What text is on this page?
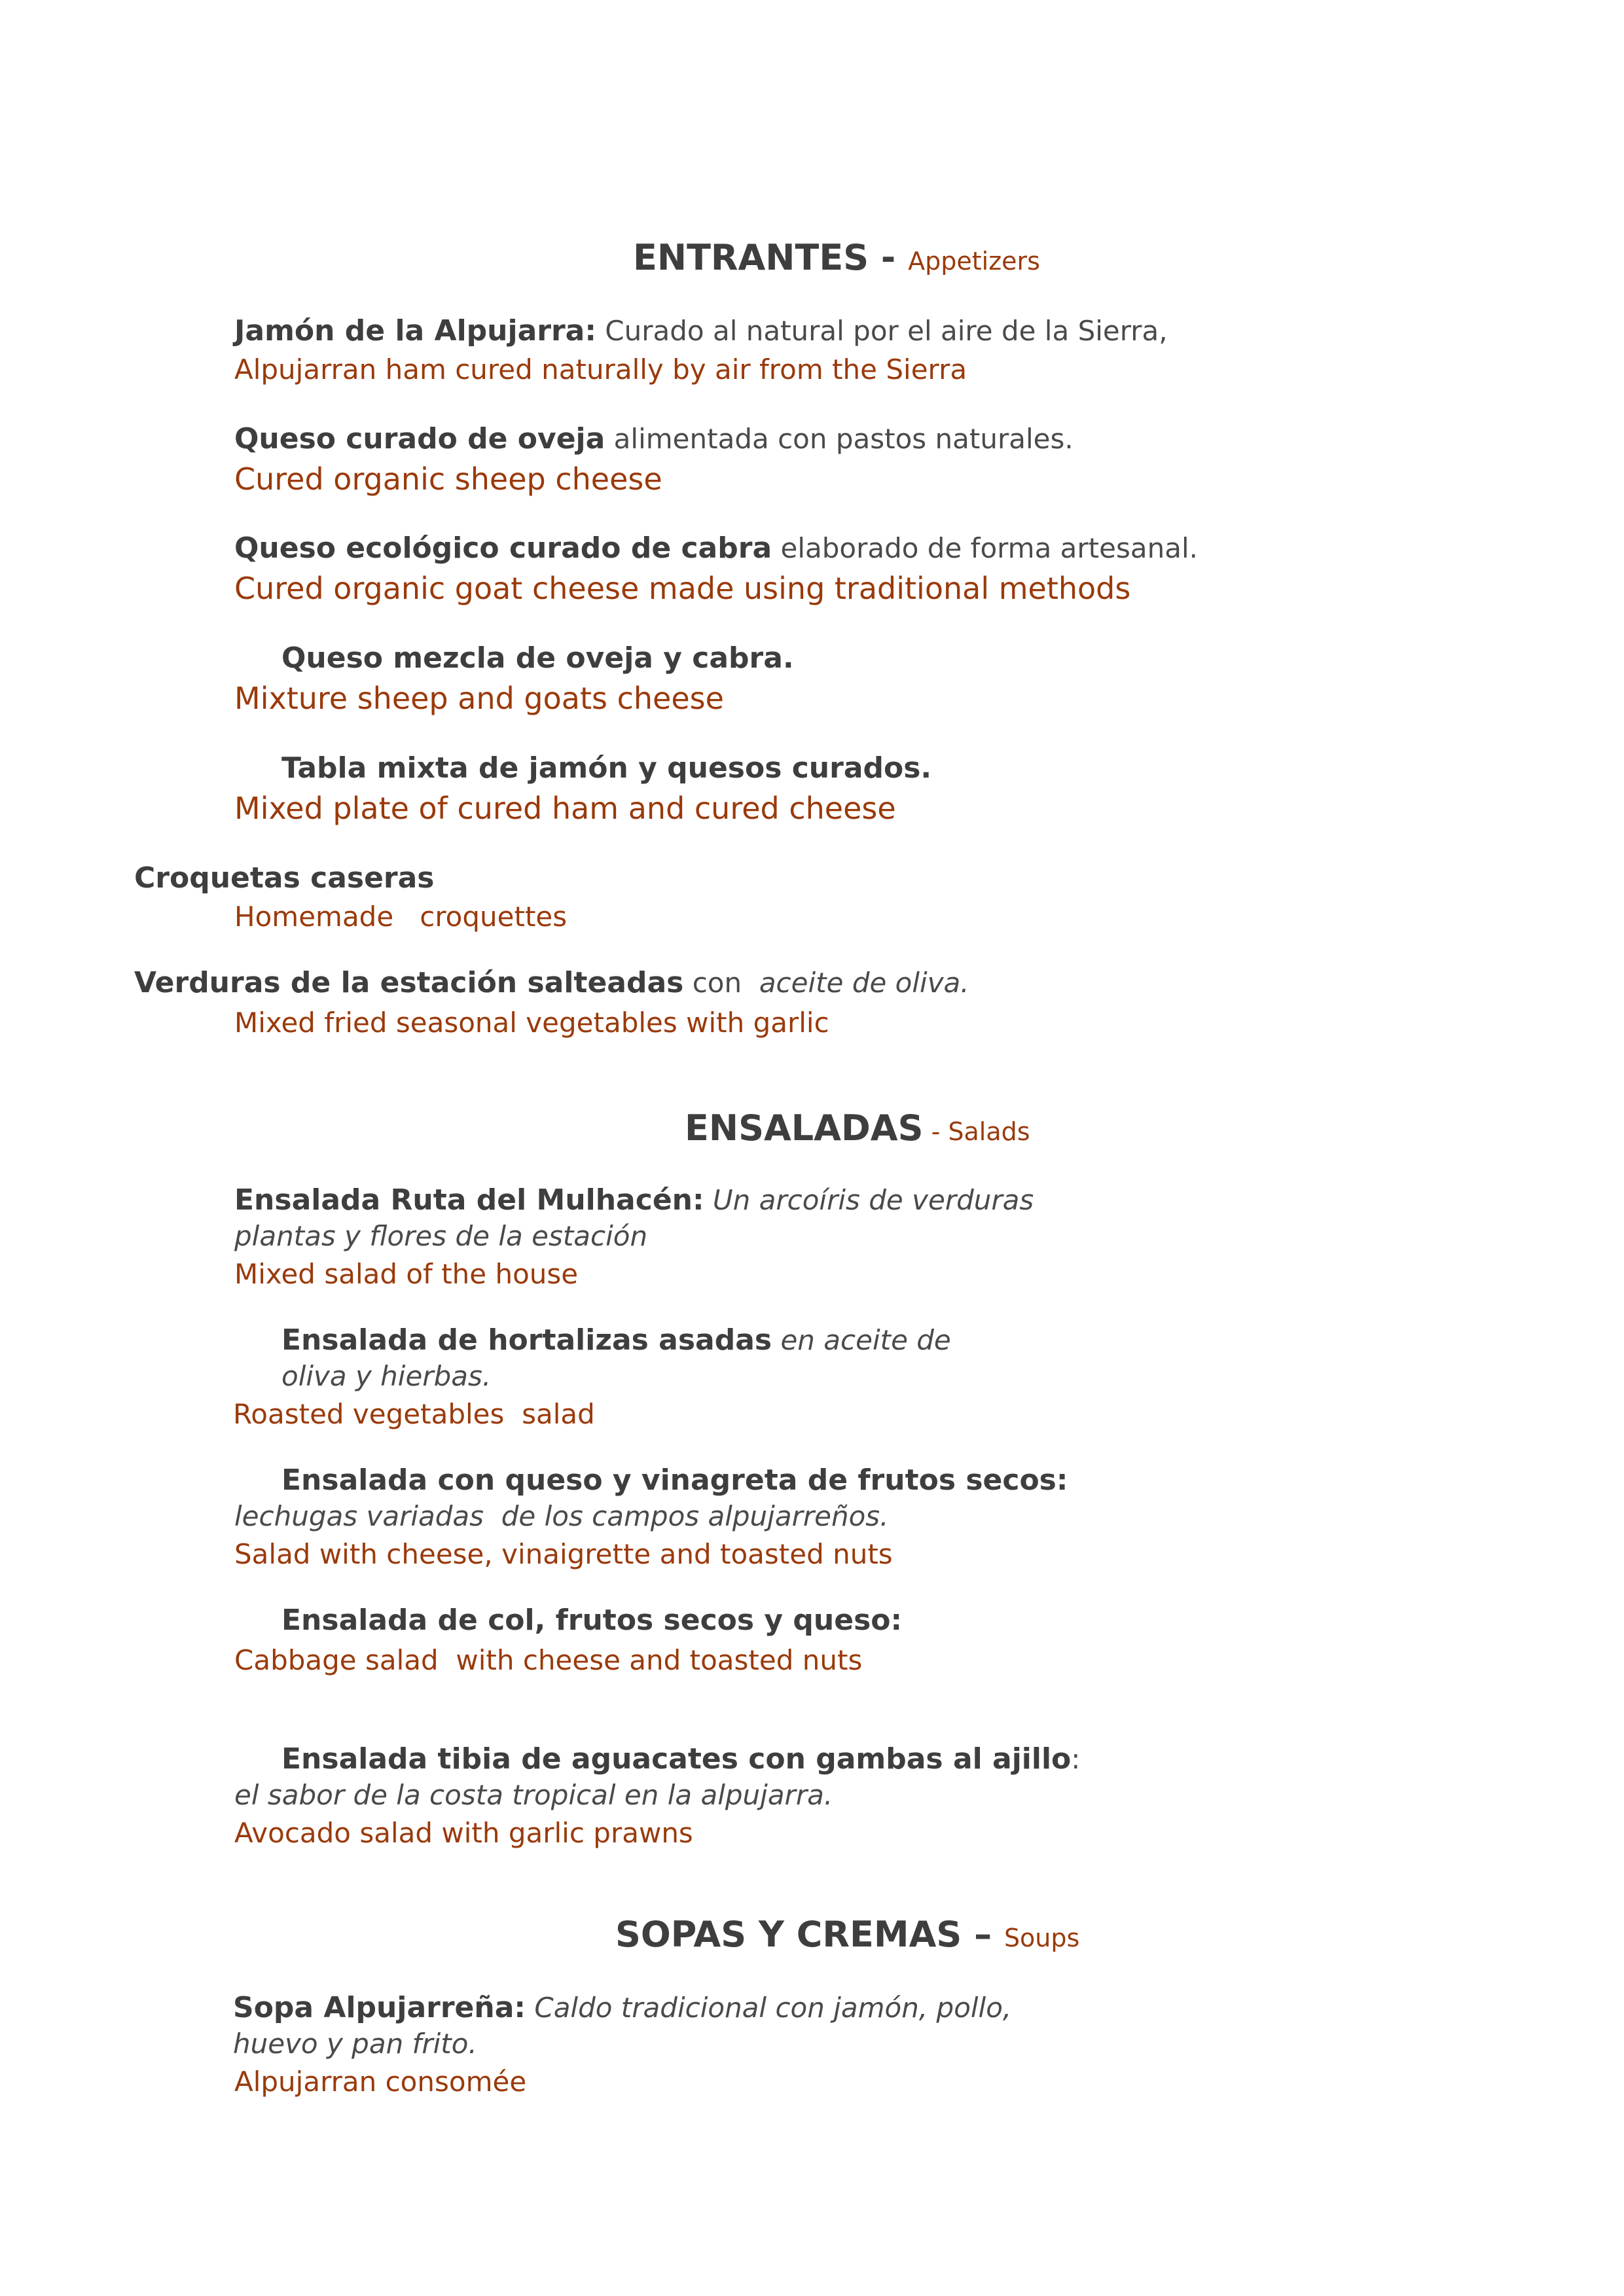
ENTRANTES - Appetizers
Jamón de la Alpujarra: Curado al natural por el aire de la Sierra,
Alpujarran ham cured naturally by air from the Sierra
Queso curado de oveja alimentada con pastos naturales.
Cured organic sheep cheese
Queso ecológico curado de cabra elaborado de forma artesanal.
Cured organic goat cheese made using traditional methods
Queso mezcla de oveja y cabra.
Mixture sheep and goats cheese
Tabla mixta de jamón y quesos curados.
Mixed plate of cured ham and cured cheese
Croquetas caseras
Homemade   croquettes
Verduras de la estación salteadas con  aceite de oliva.
Mixed fried seasonal vegetables with garlic
ENSALADAS - Salads
Ensalada Ruta del Mulhacén: Un arcoíris de verduras
plantas y flores de la estación
Mixed salad of the house
Ensalada de hortalizas asadas en aceite de
oliva y hierbas.
Roasted vegetables  salad
Ensalada con queso y vinagreta de frutos secos:
lechugas variadas  de los campos alpujarreños.
Salad with cheese, vinaigrette and toasted nuts
Ensalada de col, frutos secos y queso:
Cabbage salad  with cheese and toasted nuts
Ensalada tibia de aguacates con gambas al ajillo:
el sabor de la costa tropical en la alpujarra.
Avocado salad with garlic prawns
SOPAS Y CREMAS – Soups
Sopa Alpujarreña: Caldo tradicional con jamón, pollo,
huevo y pan frito.
Alpujarran consomée
